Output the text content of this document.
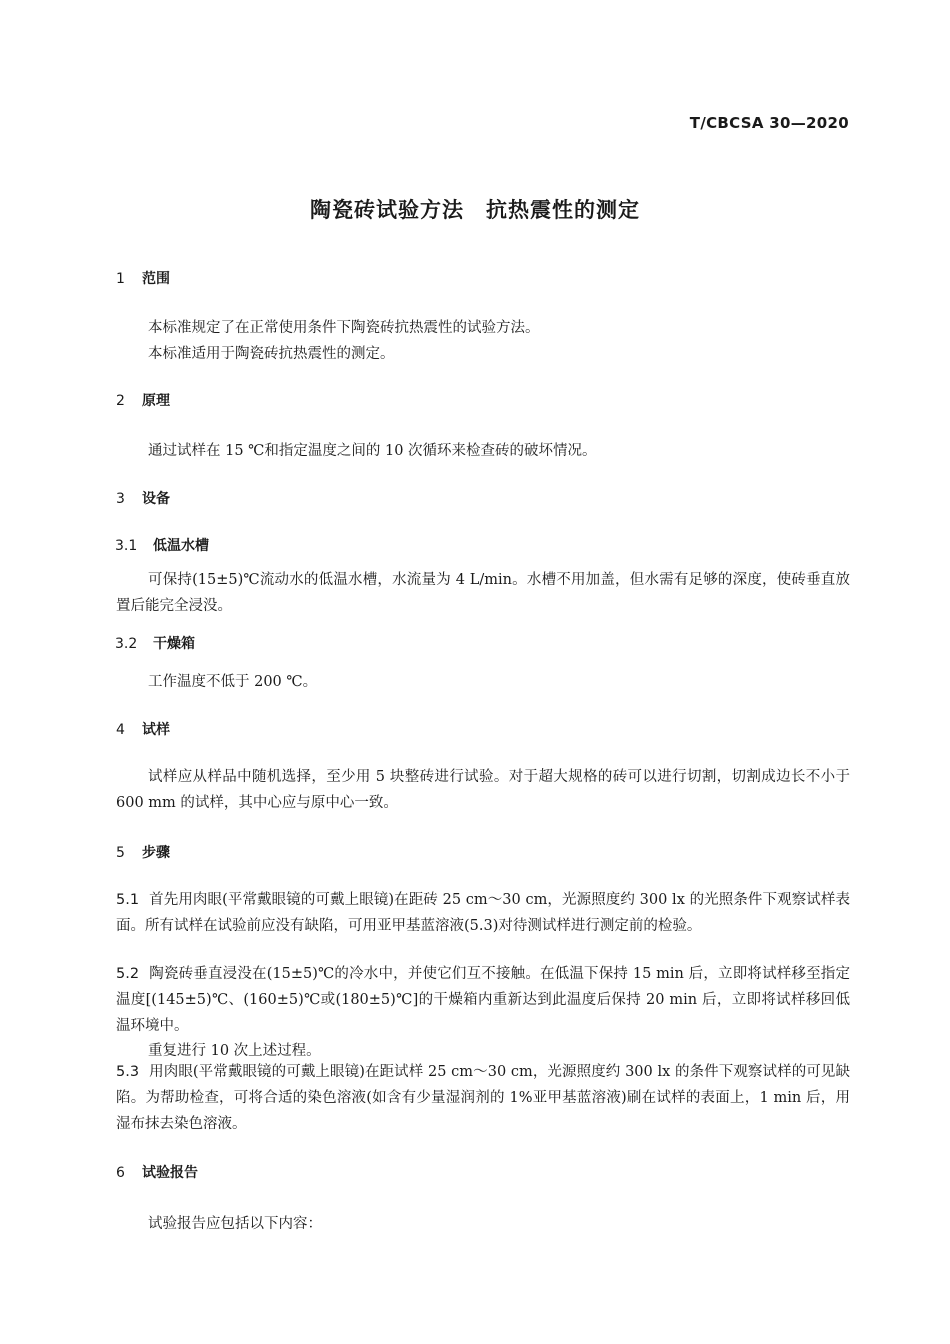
T/CBCSA 30—2020
陶瓷砖试验方法　抗热震性的测定
1 范围
本标准规定了在正常使用条件下陶瓷砖抗热震性的试验方法。
本标准适用于陶瓷砖抗热震性的测定。
2 原理
通过试样在 15 ℃和指定温度之间的 10 次循环来检查砖的破坏情况。
3 设备
3.1 低温水槽
可保持(15±5)℃流动水的低温水槽，水流量为 4 L/min。水槽不用加盖，但水需有足够的深度，使砖垂直放置后能完全浸没。
3.2 干燥箱
工作温度不低于 200 ℃。
4 试样
试样应从样品中随机选择，至少用 5 块整砖进行试验。对于超大规格的砖可以进行切割，切割成边长不小于 600 mm 的试样，其中心应与原中心一致。
5 步骤
5.1 首先用肉眼(平常戴眼镜的可戴上眼镜)在距砖 25 cm～30 cm，光源照度约 300 lx 的光照条件下观察试样表面。所有试样在试验前应没有缺陷，可用亚甲基蓝溶液(5.3)对待测试样进行测定前的检验。
5.2 陶瓷砖垂直浸没在(15±5)℃的冷水中，并使它们互不接触。在低温下保持 15 min 后，立即将试样移至指定温度[(145±5)℃、(160±5)℃或(180±5)℃]的干燥箱内重新达到此温度后保持 20 min 后，立即将试样移回低温环境中。
重复进行 10 次上述过程。
5.3 用肉眼(平常戴眼镜的可戴上眼镜)在距试样 25 cm～30 cm，光源照度约 300 lx 的条件下观察试样的可见缺陷。为帮助检查，可将合适的染色溶液(如含有少量湿润剂的 1%亚甲基蓝溶液)刷在试样的表面上，1 min 后，用湿布抹去染色溶液。
6 试验报告
试验报告应包括以下内容：
